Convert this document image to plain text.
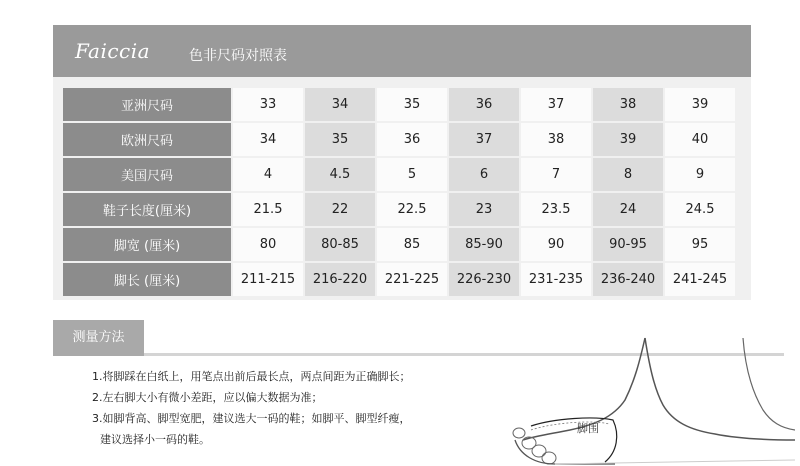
Faiccia	色非尺码对照表
亚洲尺码	33	34	35	36	37	38	39
欧洲尺码	34	35	36	37	38	39	40
美国尺码	4	4.5	5	6	7	8	9
鞋子长度(厘米)	21.5	22	22.5	23	23.5	24	24.5
脚宽 (厘米)	80	80-85	85	85-90	90	90-95	95
脚长 (厘米)	211-215	216-220	221-225	226-230	231-235	236-240	241-245
测量方法
1.将脚踩在白纸上，用笔点出前后最长点，两点间距为正确脚长；
2.左右脚大小有微小差距，应以偏大数据为准；
3.如脚背高、脚型宽肥，建议选大一码的鞋；如脚平、脚型纤瘦，
建议选择小一码的鞋。
脚围
